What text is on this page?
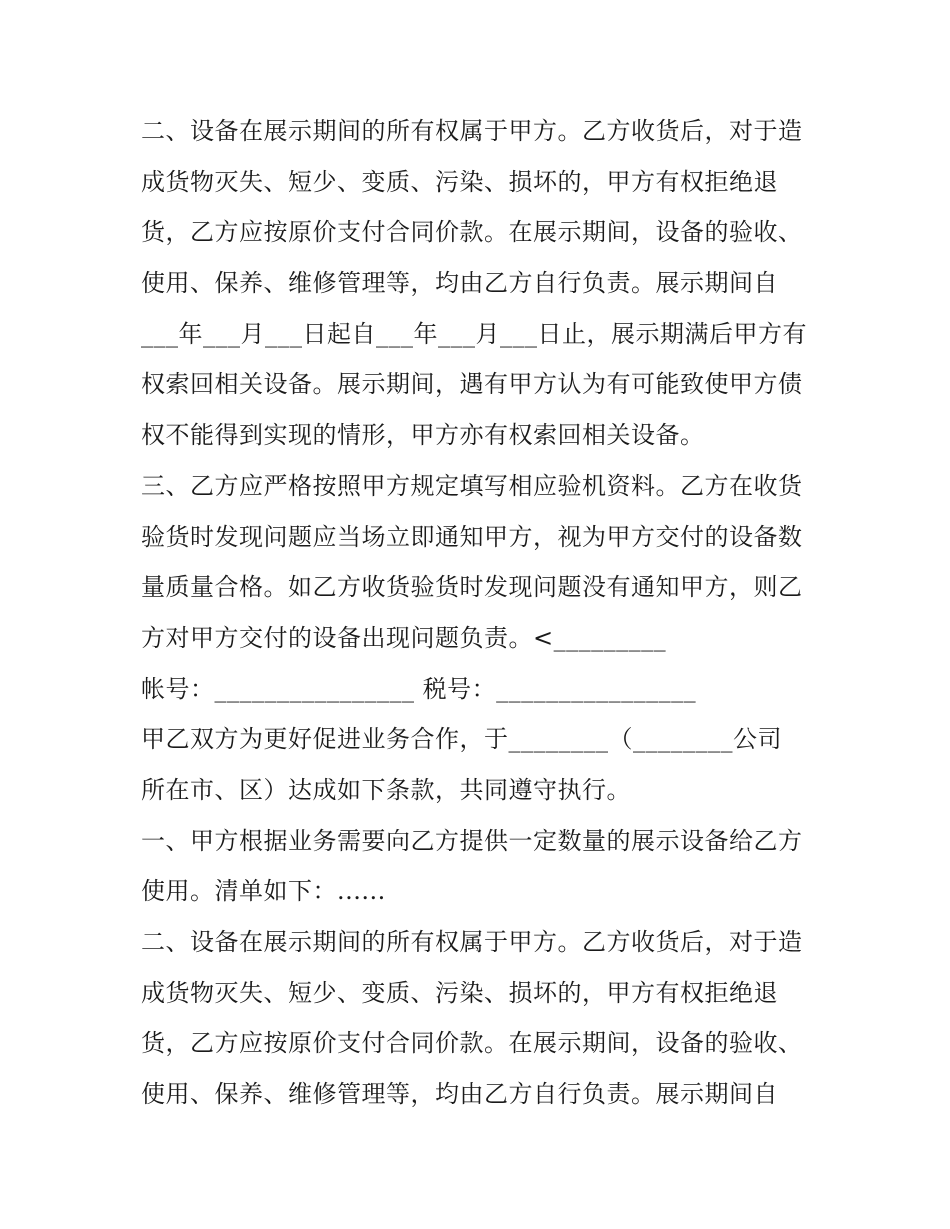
二、设备在展示期间的所有权属于甲方。乙方收货后，对于造
成货物灭失、短少、变质、污染、损坏的，甲方有权拒绝退
货，乙方应按原价支付合同价款。在展示期间，设备的验收、
使用、保养、维修管理等，均由乙方自行负责。展示期间自
___年___月___日起自___年___月___日止，展示期满后甲方有
权索回相关设备。展示期间，遇有甲方认为有可能致使甲方债
权不能得到实现的情形，甲方亦有权索回相关设备。
三、乙方应严格按照甲方规定填写相应验机资料。乙方在收货
验货时发现问题应当场立即通知甲方，视为甲方交付的设备数
量质量合格。如乙方收货验货时发现问题没有通知甲方，则乙
方对甲方交付的设备出现问题负责。<_________
帐号：________________ 税号：________________
甲乙双方为更好促进业务合作，于________（________公司
所在市、区）达成如下条款，共同遵守执行。
一、甲方根据业务需要向乙方提供一定数量的展示设备给乙方
使用。清单如下：......
二、设备在展示期间的所有权属于甲方。乙方收货后，对于造
成货物灭失、短少、变质、污染、损坏的，甲方有权拒绝退
货，乙方应按原价支付合同价款。在展示期间，设备的验收、
使用、保养、维修管理等，均由乙方自行负责。展示期间自
